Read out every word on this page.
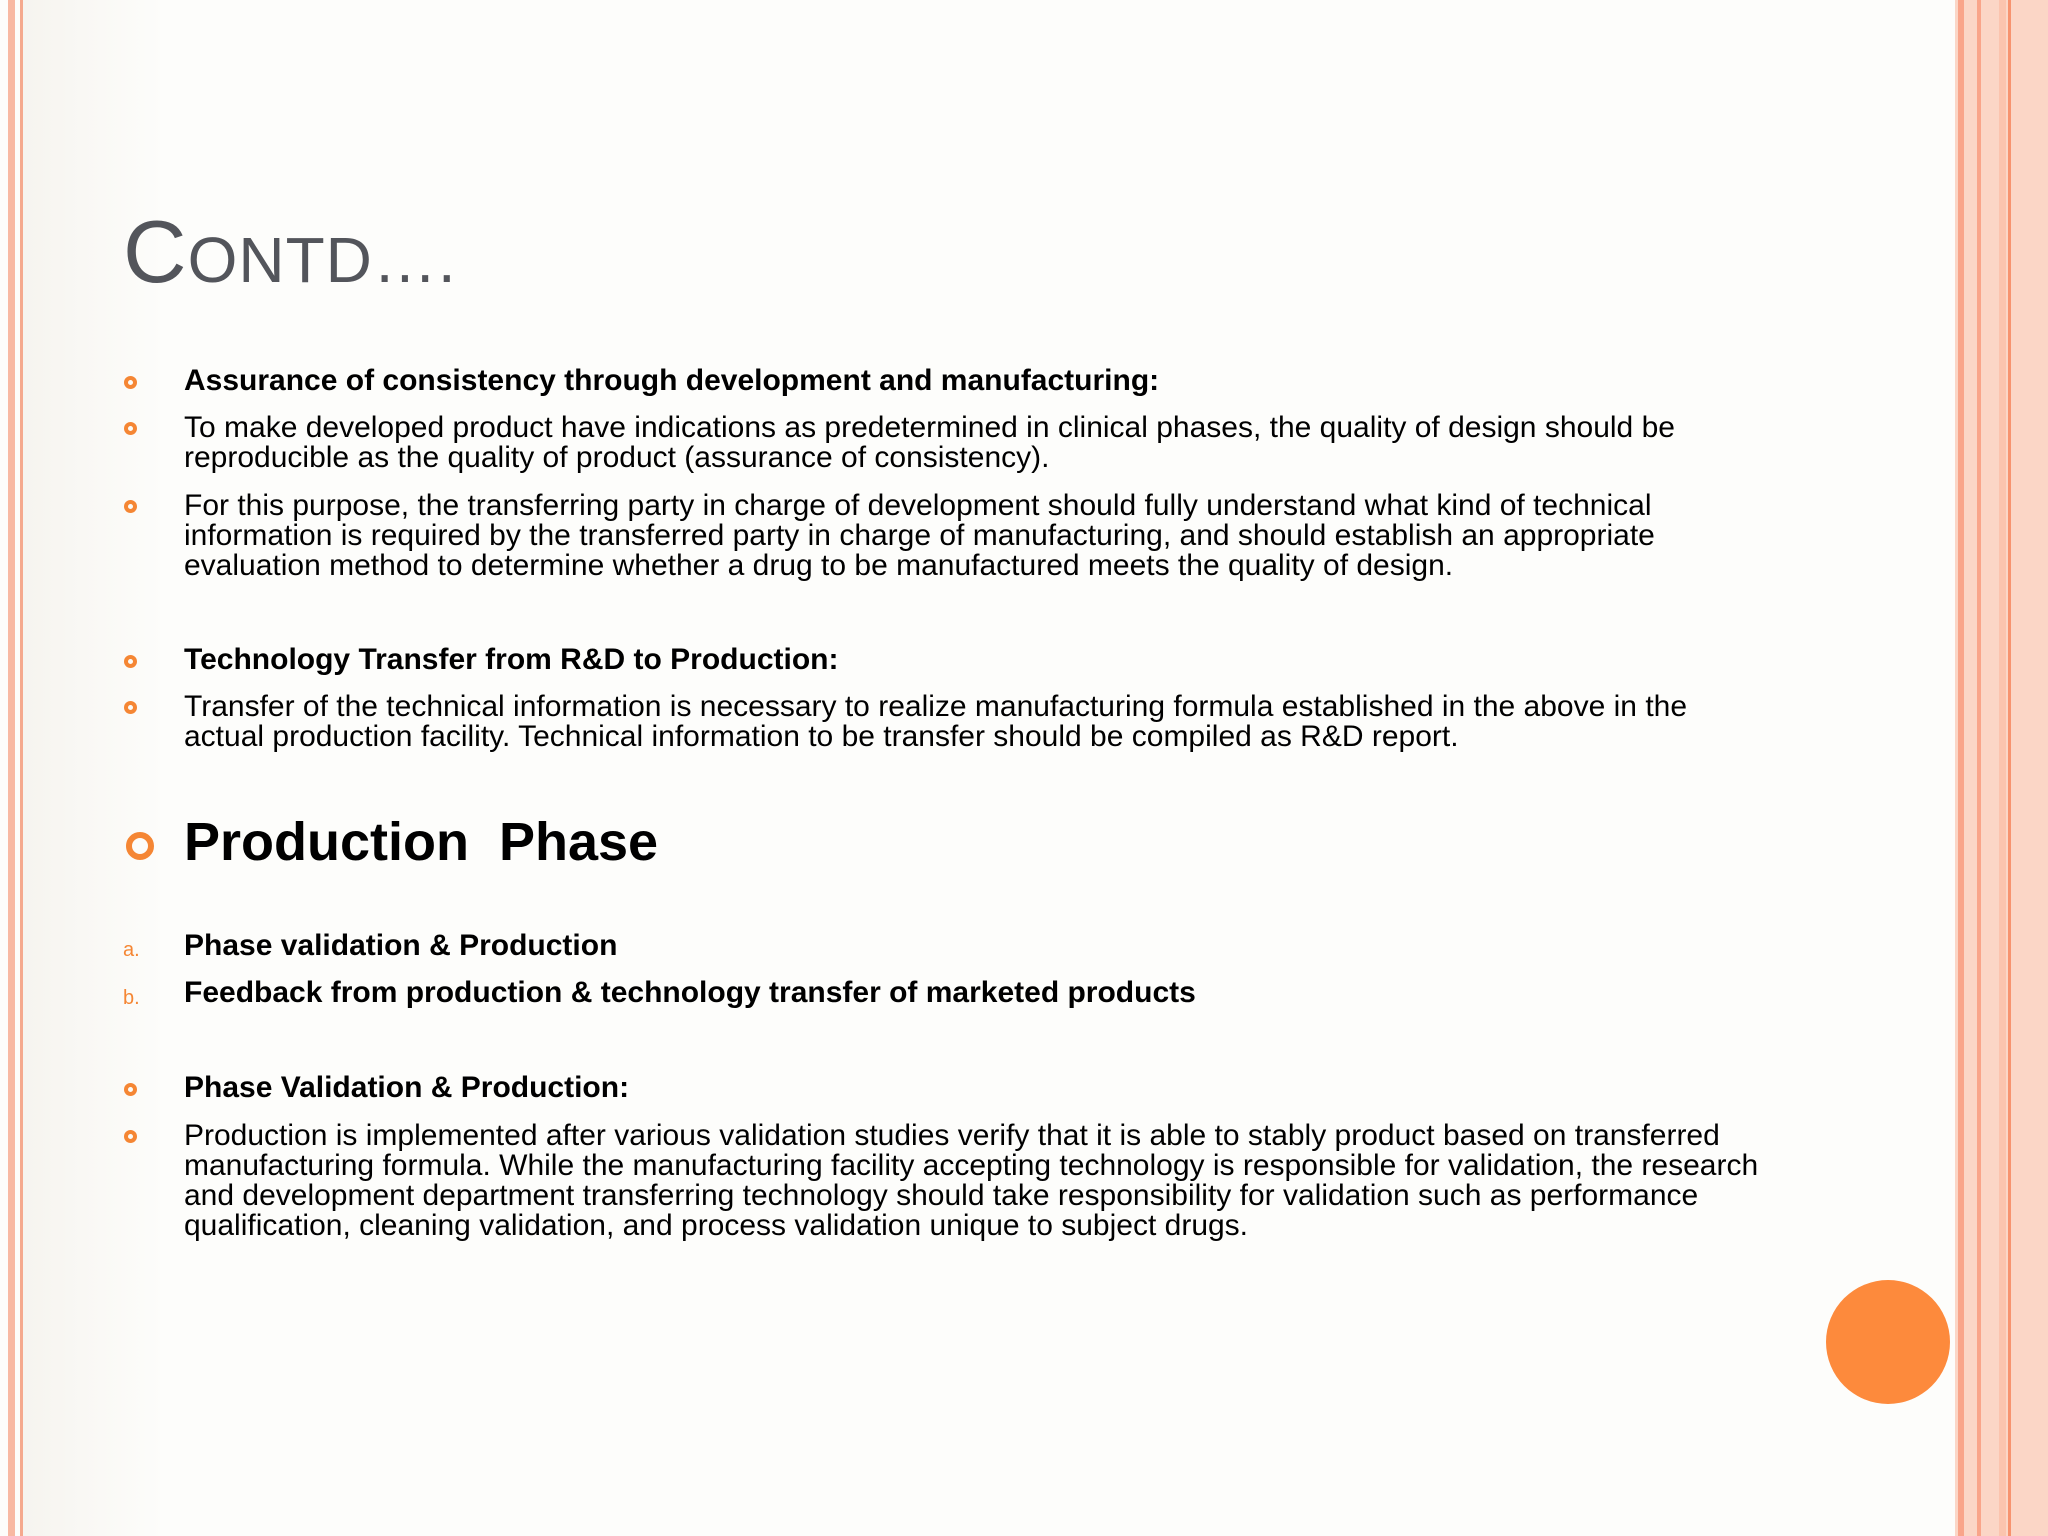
CONTD….
Assurance of consistency through development and manufacturing:
To make developed product have indications as predetermined in clinical phases, the quality of design should be reproducible as the quality of product (assurance of consistency).
For this purpose, the transferring party in charge of development should fully understand what kind of technical information is required by the transferred party in charge of manufacturing, and should establish an appropriate evaluation method to determine whether a drug to be manufactured meets the quality of design.
Technology Transfer from R&D to Production:
Transfer of the technical information is necessary to realize manufacturing formula established in the above in the actual production facility. Technical information to be transfer should be compiled as R&D report.
Production  Phase
a. Phase validation & Production
b. Feedback from production & technology transfer of marketed products
Phase Validation & Production:
Production is implemented after various validation studies verify that it is able to stably product based on transferred manufacturing formula. While the manufacturing facility accepting technology is responsible for validation, the research and development department transferring technology should take responsibility for validation such as performance qualification, cleaning validation, and process validation unique to subject drugs.
